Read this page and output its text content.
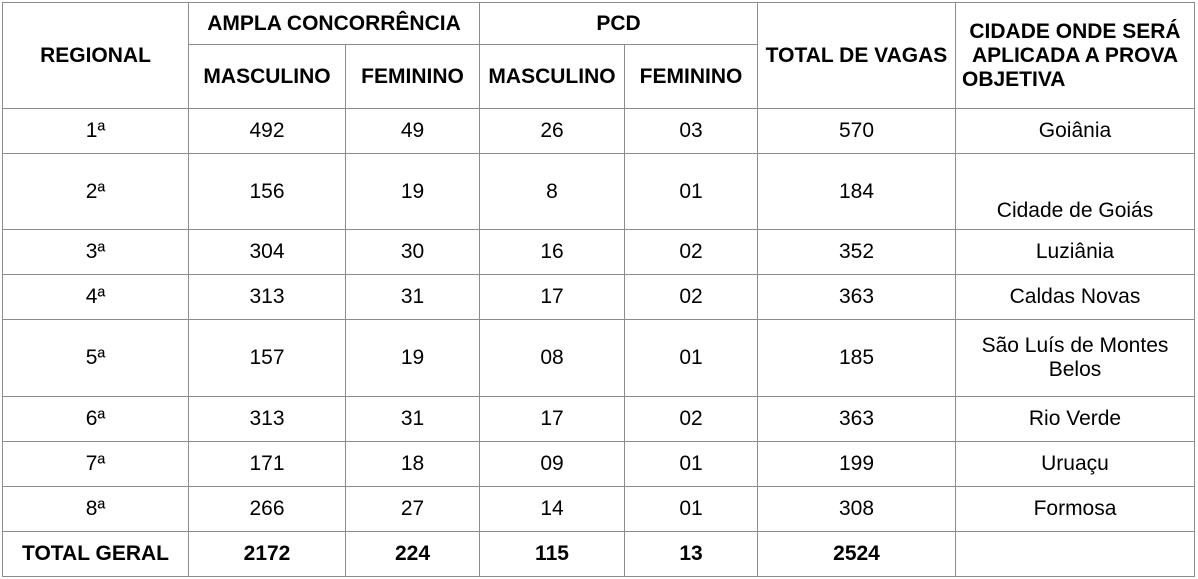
REGIONAL	AMPLA CONCORRÊNCIA		PCD		TOTAL DE VAGAS	CIDADE ONDE SERÁ APLICADA A PROVA OBJETIVA
	MASCULINO	FEMININO	MASCULINO	FEMININO		
1ª	492	49	26	03	570	Goiânia
2ª	156	19	8	01	184	Cidade de Goiás
3ª	304	30	16	02	352	Luziânia
4ª	313	31	17	02	363	Caldas Novas
5ª	157	19	08	01	185	São Luís de Montes Belos
6ª	313	31	17	02	363	Rio Verde
7ª	171	18	09	01	199	Uruaçu
8ª	266	27	14	01	308	Formosa
TOTAL GERAL	2172	224	115	13	2524	
